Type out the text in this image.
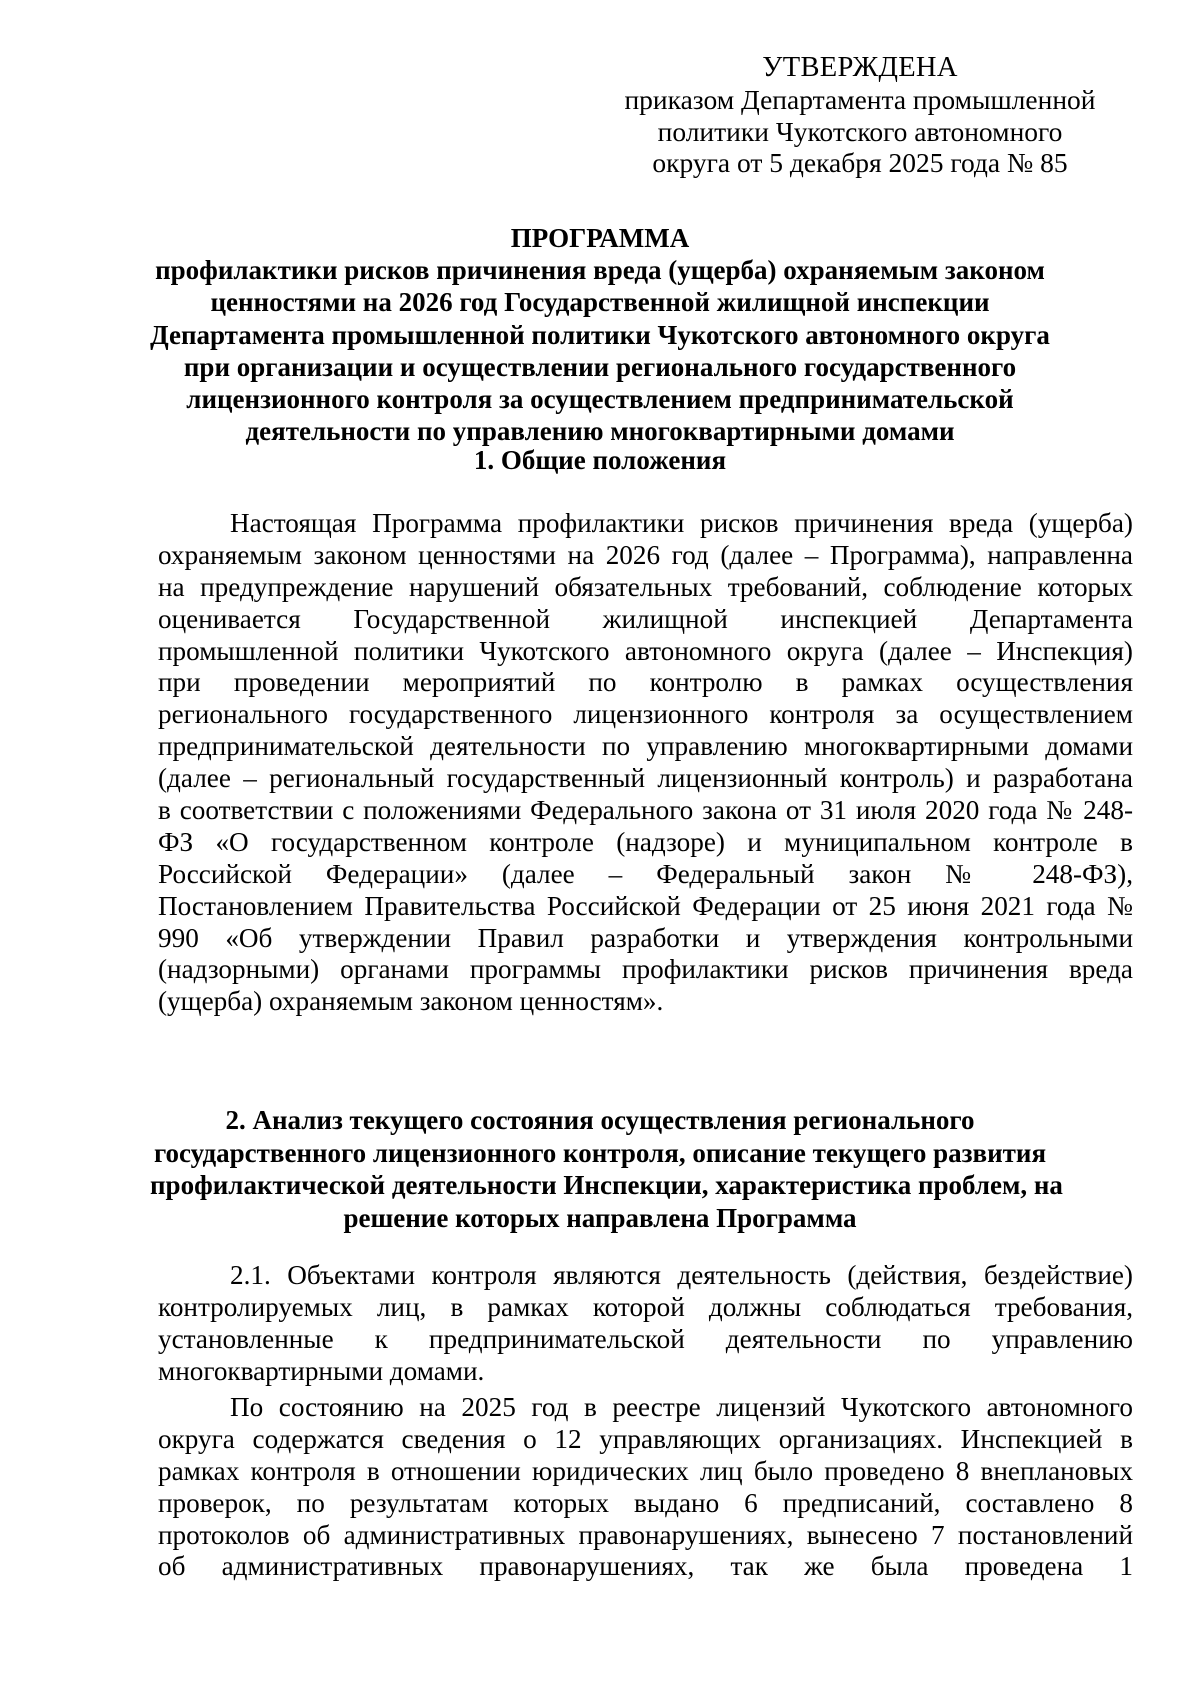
УТВЕРЖДЕНА
приказом Департамента промышленной
политики Чукотского автономного
округа от 5 декабря 2025 года № 85
ПРОГРАММА
профилактики рисков причинения вреда (ущерба) охраняемым законом
ценностями на 2026 год Государственной жилищной инспекции
Департамента промышленной политики Чукотского автономного округа
при организации и осуществлении регионального государственного
лицензионного контроля за осуществлением предпринимательской
деятельности по управлению многоквартирными домами
1. Общие положения
Настоящая Программа профилактики рисков причинения вреда (ущерба)
охраняемым законом ценностями на 2026 год (далее – Программа), направленна
на предупреждение нарушений обязательных требований, соблюдение которых
оценивается Государственной жилищной инспекцией Департамента
промышленной политики Чукотского автономного округа (далее – Инспекция)
при проведении мероприятий по контролю в рамках осуществления
регионального государственного лицензионного контроля за осуществлением
предпринимательской деятельности по управлению многоквартирными домами
(далее – региональный государственный лицензионный контроль) и разработана
в соответствии с положениями Федерального закона от 31 июля 2020 года № 248-
ФЗ «О государственном контроле (надзоре) и муниципальном контроле в
Российской Федерации» (далее – Федеральный закон № 248-ФЗ),
Постановлением Правительства Российской Федерации от 25 июня 2021 года №
990 «Об утверждении Правил разработки и утверждения контрольными
(надзорными) органами программы профилактики рисков причинения вреда
(ущерба) охраняемым законом ценностям».
2. Анализ текущего состояния осуществления регионального
государственного лицензионного контроля, описание текущего развития
профилактической деятельности Инспекции, характеристика проблем, на
решение которых направлена Программа
2.1. Объектами контроля являются деятельность (действия, бездействие)
контролируемых лиц, в рамках которой должны соблюдаться требования,
установленные к предпринимательской деятельности по управлению
многоквартирными домами.
По состоянию на 2025 год в реестре лицензий Чукотского автономного
округа содержатся сведения о 12 управляющих организациях. Инспекцией в
рамках контроля в отношении юридических лиц было проведено 8 внеплановых
проверок, по результатам которых выдано 6 предписаний, составлено 8
протоколов об административных правонарушениях, вынесено 7 постановлений
об административных правонарушениях, так же была проведена 1
